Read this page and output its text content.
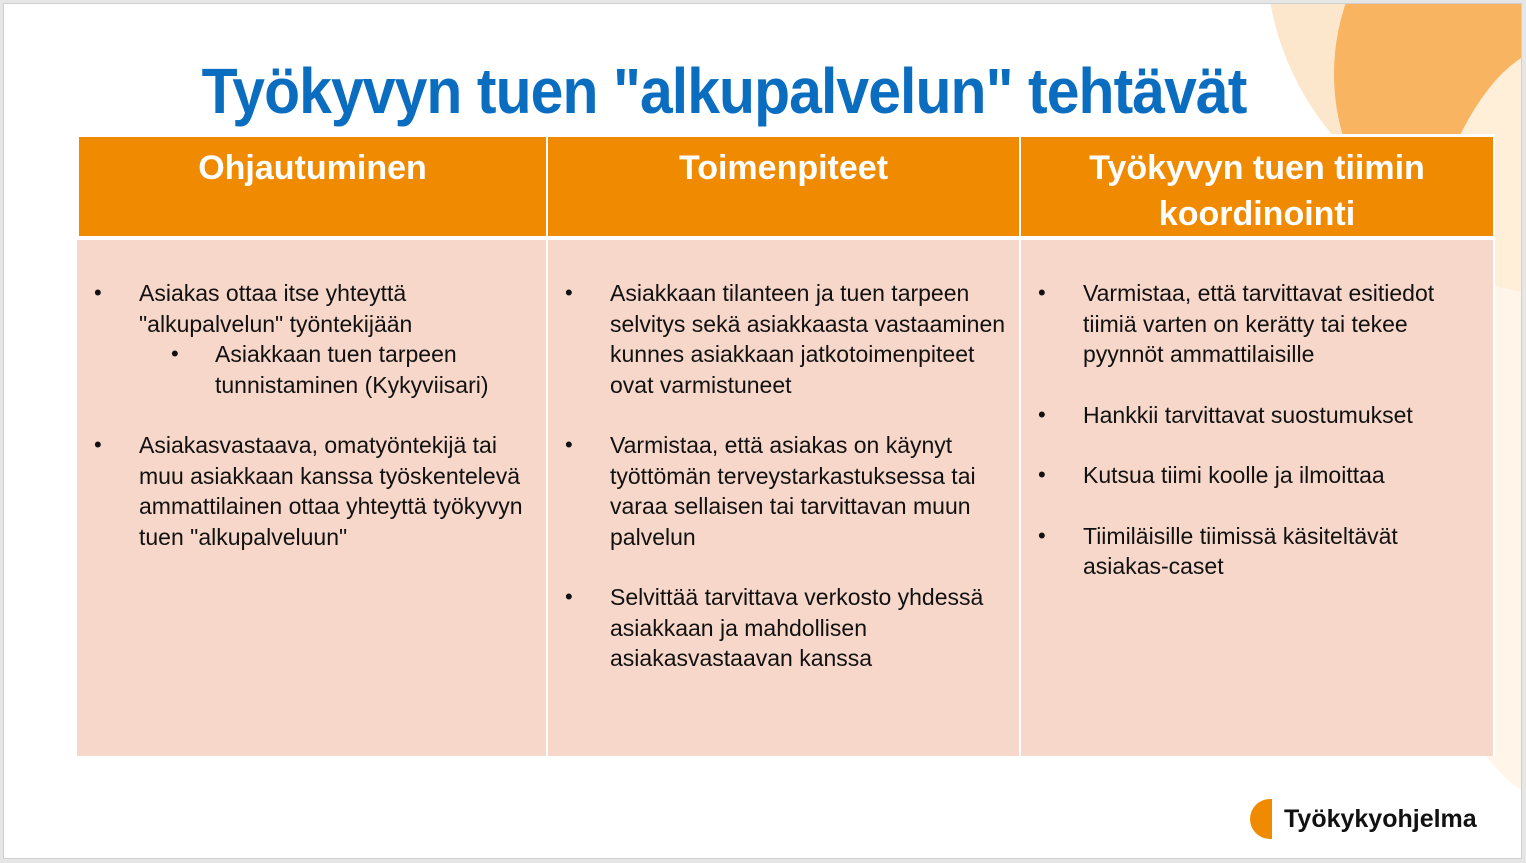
Työkyvyn tuen "alkupalvelun" tehtävät
Ohjautuminen	Toimenpiteet	Työkyvyn tuen tiimin koordinointi
• Asiakas ottaa itse yhteyttä "alkupalvelun" työntekijään
• Asiakkaan tuen tarpeen tunnistaminen (Kykyviisari)
• Asiakasvastaava, omatyöntekijä tai muu asiakkaan kanssa työskentelevä ammattilainen ottaa yhteyttä työkyvyn tuen "alkupalveluun"
• Asiakkaan tilanteen ja tuen tarpeen selvitys sekä asiakkaasta vastaaminen kunnes asiakkaan jatkotoimenpiteet ovat varmistuneet
• Varmistaa, että asiakas on käynyt työttömän terveystarkastuksessa tai varaa sellaisen tai tarvittavan muun palvelun
• Selvittää tarvittava verkosto yhdessä asiakkaan ja mahdollisen asiakasvastaavan kanssa
• Varmistaa, että tarvittavat esitiedot tiimiä varten on kerätty tai tekee pyynnöt ammattilaisille
• Hankkii tarvittavat suostumukset
• Kutsua tiimi koolle ja ilmoittaa
• Tiimiläisille tiimissä käsiteltävät asiakas-caset
Työkykyohjelma
